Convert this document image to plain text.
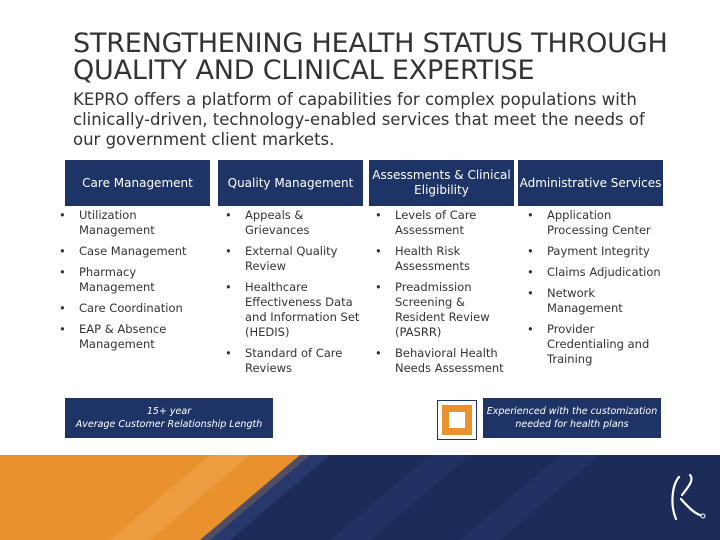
STRENGTHENING HEALTH STATUS THROUGH QUALITY AND CLINICAL EXPERTISE
KEPRO offers a platform of capabilities for complex populations with clinically-driven, technology-enabled services that meet the needs of our government client markets.
Care Management
• Utilization Management
• Case Management
• Pharmacy Management
• Care Coordination
• EAP & Absence Management
Quality Management
• Appeals & Grievances
• External Quality Review
• Healthcare Effectiveness Data and Information Set (HEDIS)
• Standard of Care Reviews
Assessments & Clinical Eligibility
• Levels of Care Assessment
• Health Risk Assessments
• Preadmission Screening & Resident Review (PASRR)
• Behavioral Health Needs Assessment
Administrative Services
• Application Processing Center
• Payment Integrity
• Claims Adjudication
• Network Management
• Provider Credentialing and Training
15+ year
Average Customer Relationship Length
Experienced with the customization
needed for health plans
